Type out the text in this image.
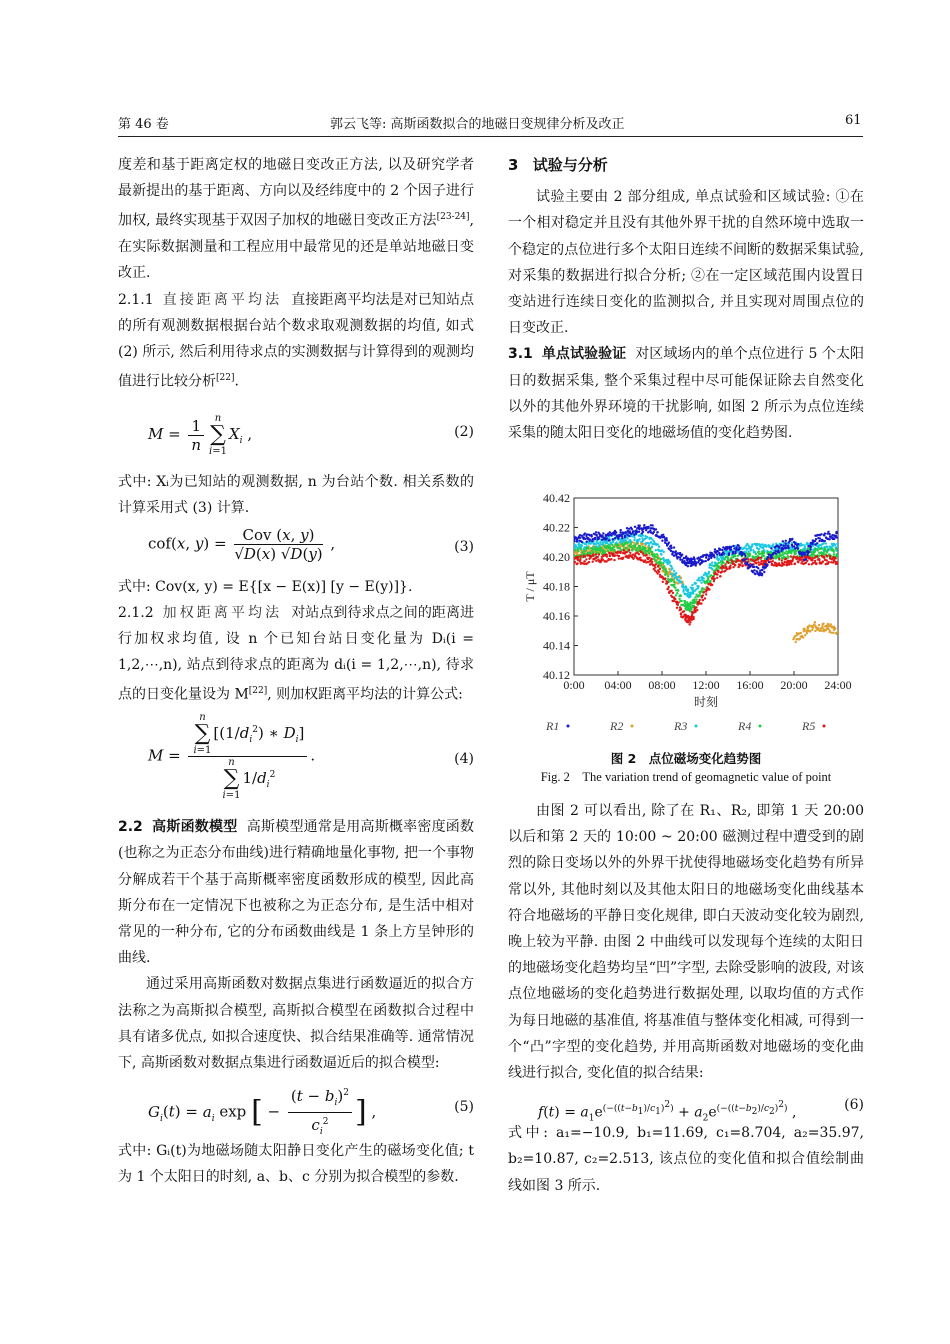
第 46 卷	郭云飞等: 高斯函数拟合的地磁日变规律分析及改正	61

度差和基于距离定权的地磁日变改正方法, 以及研究学者最新提出的基于距离、方向以及经纬度中的 2 个因子进行加权, 最终实现基于双因子加权的地磁日变改正方法[23-24], 在实际数据测量和工程应用中最常见的还是单站地磁日变改正.

2.1.1 直接距离平均法 直接距离平均法是对已知站点的所有观测数据根据台站个数求取观测数据的均值, 如式 (2) 所示, 然后利用待求点的实测数据与计算得到的观测均值进行比较分析[22].

$M = \frac{1}{n}$ n
∑
$i=1X_i$ ,	(2)

式中: Xᵢ为已知站的观测数据, n 为台站个数. 相关系数的计算采用式 (3) 计算.

cof(x, $y) = \frac{\text{Cov (x, y)}}{√D(x) √D(y)}$ ,	(3)

式中: Cov(x, y) = E{[x − E(x)] [y − E(y)]}.

2.1.2 加权距离平均法 对站点到待求点之间的距离进行加权求均值, 设 n 个已知台站日变化量为 Dᵢ(i = 1,2,⋯,n), 站点到待求点的距离为 dᵢ(i = 1,2,⋯,n), 待求点的日变化量设为 M[22], 则加权距离平均法的计算公式:

M =
n
∑
$i=1[(1/d_i^2)$ ∗ $D_i$]
n
∑
$i=11/d_i^2$
.	(4)

2.2 高斯函数模型 高斯模型通常是用高斯概率密度函数(也称之为正态分布曲线)进行精确地量化事物, 把一个事物分解成若干个基于高斯概率密度函数形成的模型, 因此高斯分布在一定情况下也被称之为正态分布, 是生活中相对常见的一种分布, 它的分布函数曲线是 1 条上方呈钟形的曲线.

通过采用高斯函数对数据点集进行函数逼近的拟合方法称之为高斯拟合模型, 高斯拟合模型在函数拟合过程中具有诸多优点, 如拟合速度快、拟合结果准确等. 通常情况下, 高斯函数对数据点集进行函数逼近后的拟合模型:

$G_i(t) = a_i$ exp [ − $\frac{(t - b_i)^2}{c_i^2}$ ] ,	(5)

式中: Gᵢ(t)为地磁场随太阳静日变化产生的磁场变化值; t 为 1 个太阳日的时刻, a、b、c 分别为拟合模型的参数.

3 试验与分析

试验主要由 2 部分组成, 单点试验和区域试验: ①在一个相对稳定并且没有其他外界干扰的自然环境中选取一个稳定的点位进行多个太阳日连续不间断的数据采集试验, 对采集的数据进行拟合分析; ②在一定区域范围内设置日变站进行连续日变化的监测拟合, 并且实现对周围点位的日变改正.

3.1 单点试验验证 对区域场内的单个点位进行 5 个太阳日的数据采集, 整个采集过程中尽可能保证除去自然变化以外的其他外界环境的干扰影响, 如图 2 所示为点位连续采集的随太阳日变化的地磁场值的变化趋势图.

40.12
40.14
40.16
40.18
40.20
40.22
40.42
0:00 04:00 08:00 12:00 16:00 20:00 24:00
时刻
T / μT
R1	R2	R3	R4	R5
图 2　点位磁场变化趋势图
Fig. 2　The variation trend of geomagnetic value of point

由图 2 可以看出, 除了在 R₁、R₂, 即第 1 天 20:00 以后和第 2 天的 10:00 ~ 20:00 磁测过程中遭受到的剧烈的除日变场以外的外界干扰使得地磁场变化趋势有所异常以外, 其他时刻以及其他太阳日的地磁场变化曲线基本符合地磁场的平静日变化规律, 即白天波动变化较为剧烈, 晚上较为平静. 由图 2 中曲线可以发现每个连续的太阳日的地磁场变化趋势均呈“凹”字型, 去除受影响的波段, 对该点位地磁场的变化趋势进行数据处理, 以取均值的方式作为每日地磁的基准值, 将基准值与整体变化相减, 可得到一个“凸”字型的变化趋势, 并用高斯函数对地磁场的变化曲线进行拟合, 变化值的拟合结果:

$f(t) = a_1e^{(-((t-b_1)/c_1)^2)} + a_2e^{(-((t-b_2)/c_2)^2)}$ ,	(6)

式中: a₁=−10.9, b₁=11.69, c₁=8.704, a₂=35.97, b₂=10.87, c₂=2.513, 该点位的变化值和拟合值绘制曲线如图 3 所示.
